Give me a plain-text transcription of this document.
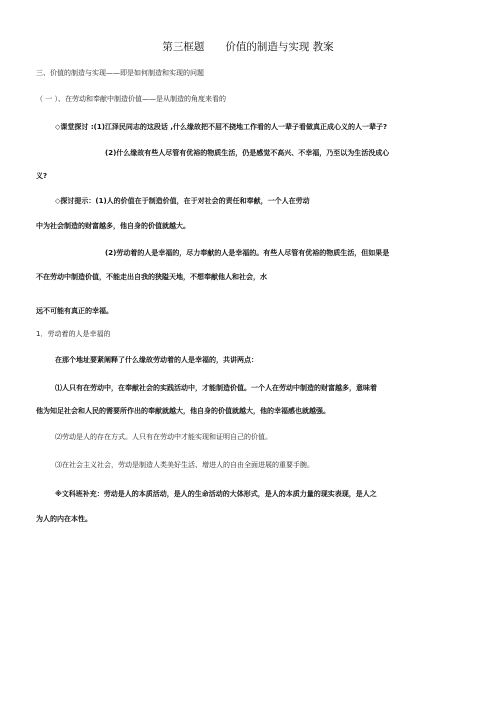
第三框题　　价值的制造与实现 教案
三、价值的制造与实现——即是如何制造和实现的问题
（ 一 ）、在劳动和奉献中制造价值——是从制造的角度来看的
◇课堂探讨 :(1)江泽民同志的这段话 ,什么缘故把不屈不挠地工作看的人一辈子看做真正成心义的人一辈子?
(2)什么缘故有些人尽管有优裕的物质生活，仍是感觉不高兴、不幸福，乃至以为生活没成心
义?
◇探讨提示：(1)人的价值在于制造价值，在于对社会的责任和奉献，一个人在劳动
中为社会制造的财富越多，他自身的价值就越大。
(2)劳动着的人是幸福的，尽力奉献的人是幸福的。有些人尽管有优裕的物质生活，但如果是
不在劳动中制造价值，不能走出自我的狭隘天地，不想奉献他人和社会，水
远不可能有真正的幸福。
1．劳动着的人是幸福的
在那个地址要紧阐释了什么缘故劳动着的人是幸福的，共讲两点：
⑴人只有在劳动中，在奉献社会的实践活动中，才能制造价值。一个人在劳动中制造的财富越多，意味着
他为知足社会和人民的需要所作出的奉献就越大，他自身的价值就越大，他的幸福感也就越强。
⑵劳动是人的存在方式。人只有在劳动中才能实现和证明自己的价值。
⑶在社会主义社会，劳动是制造人类美好生活、增进人的自由全面进展的重要手腕。
※文科班补充：劳动是人的本质活动，是人的生命活动的大体形式，是人的本质力量的现实表现，是人之
为人的内在本性。
